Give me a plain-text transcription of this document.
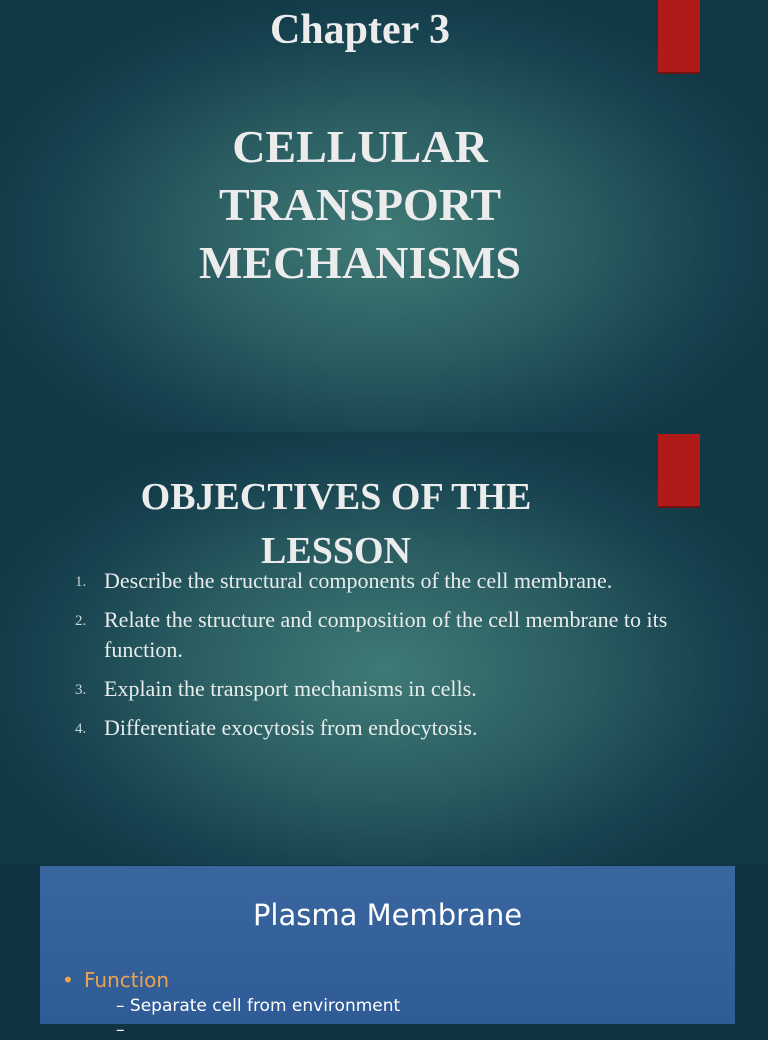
Chapter 3
CELLULAR
TRANSPORT
MECHANISMS
OBJECTIVES OF THE
LESSON
1. Describe the structural components of the cell membrane.
2. Relate the structure and composition of the cell membrane to its function.
3. Explain the transport mechanisms in cells.
4. Differentiate exocytosis from endocytosis.
Plasma Membrane
• Function
– Separate cell from environment
–
